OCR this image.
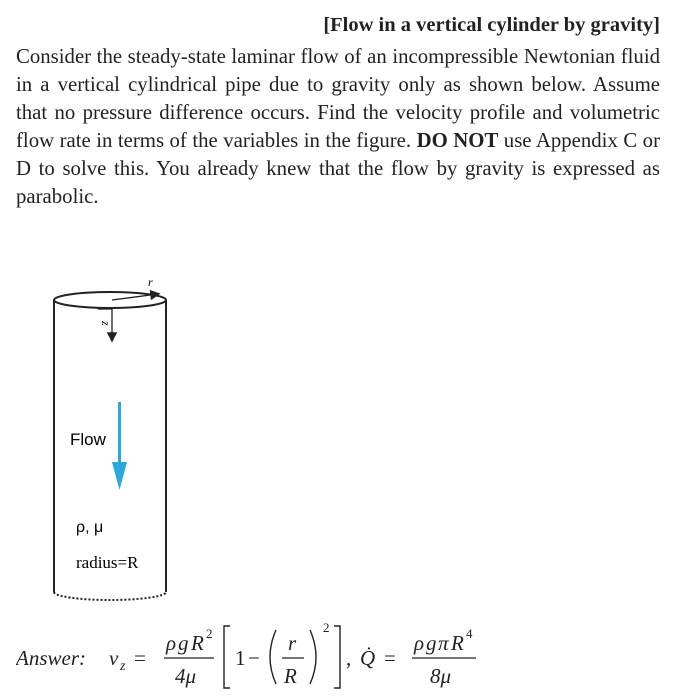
[Flow in a vertical cylinder by gravity]
Consider the steady-state laminar flow of an incompressible Newtonian fluid in a vertical cylindrical pipe due to gravity only as shown below. Assume that no pressure difference occurs. Find the velocity profile and volumetric flow rate in terms of the variables in the figure. DO NOT use Appendix C or D to solve this. You already knew that the flow by gravity is expressed as parabolic.
r
z
Flow
ρ, μ
radius=R
Answer: v z =
ρ g R 2
4μ
1 −
r
R
2
, Q̇ =
ρ g π R 4
8μ
